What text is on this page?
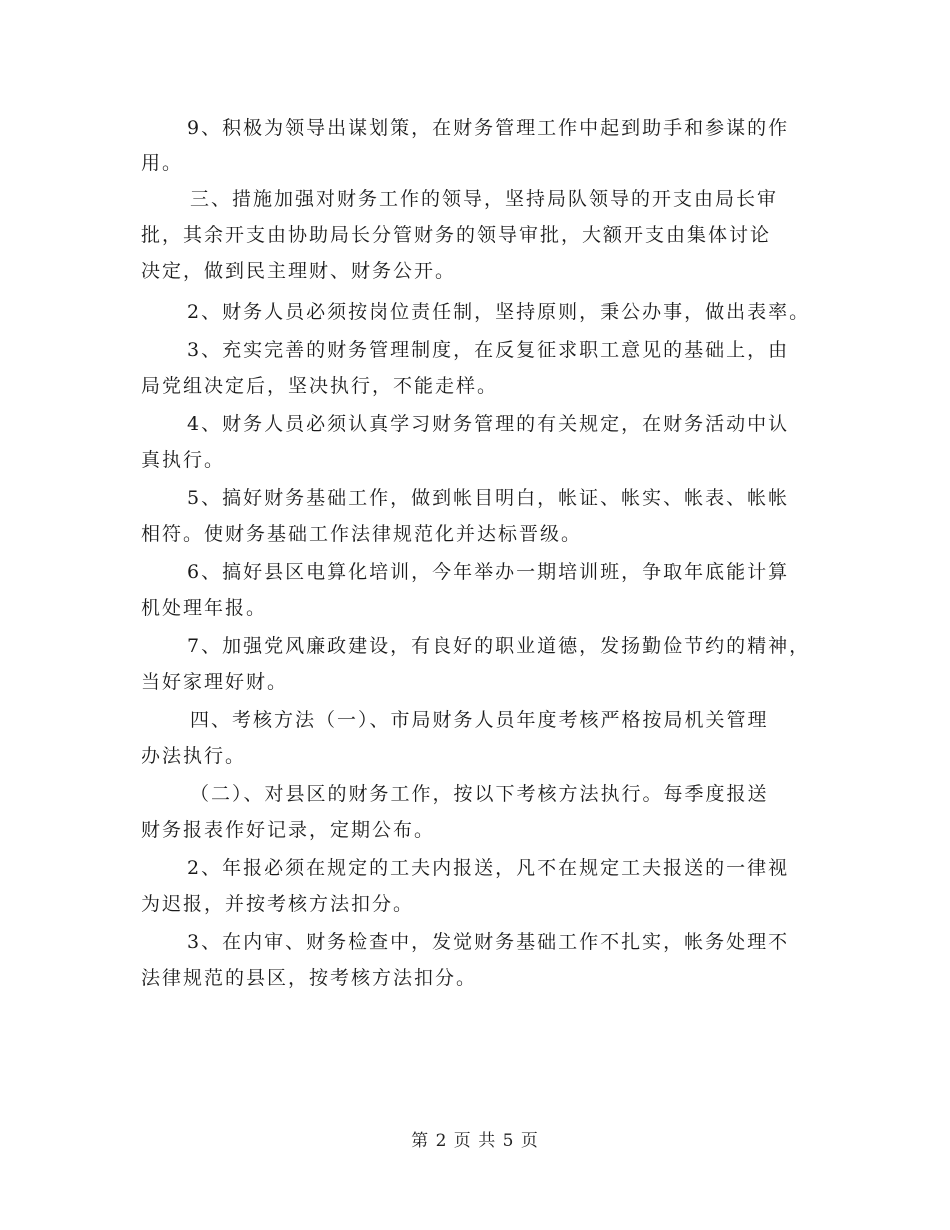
9、积极为领导出谋划策，在财务管理工作中起到助手和参谋的作
用。
三、措施加强对财务工作的领导，坚持局队领导的开支由局长审
批，其余开支由协助局长分管财务的领导审批，大额开支由集体讨论
决定，做到民主理财、财务公开。
2、财务人员必须按岗位责任制，坚持原则，秉公办事，做出表率。
3、充实完善的财务管理制度，在反复征求职工意见的基础上，由
局党组决定后，坚决执行，不能走样。
4、财务人员必须认真学习财务管理的有关规定，在财务活动中认
真执行。
5、搞好财务基础工作，做到帐目明白，帐证、帐实、帐表、帐帐
相符。使财务基础工作法律规范化并达标晋级。
6、搞好县区电算化培训，今年举办一期培训班，争取年底能计算
机处理年报。
7、加强党风廉政建设，有良好的职业道德，发扬勤俭节约的精神，
当好家理好财。
四、考核方法（一）、市局财务人员年度考核严格按局机关管理
办法执行。
（二）、对县区的财务工作，按以下考核方法执行。每季度报送
财务报表作好记录，定期公布。
2、年报必须在规定的工夫内报送，凡不在规定工夫报送的一律视
为迟报，并按考核方法扣分。
3、在内审、财务检查中，发觉财务基础工作不扎实，帐务处理不
法律规范的县区，按考核方法扣分。
第 2 页 共 5 页
